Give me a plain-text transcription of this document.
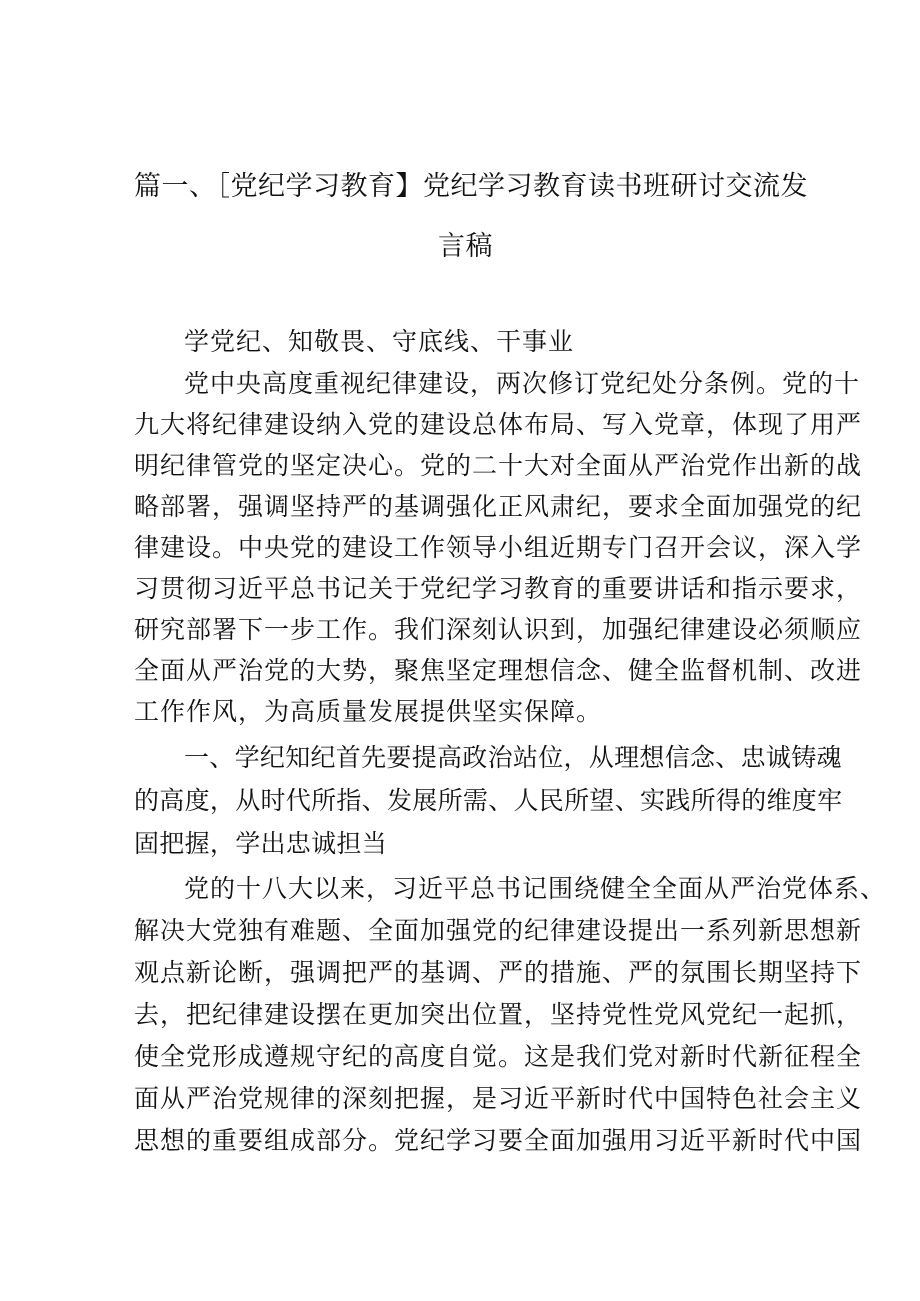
篇一、［党纪学习教育】党纪学习教育读书班研讨交流发
言稿
学党纪、知敬畏、守底线、干事业
党中央高度重视纪律建设，两次修订党纪处分条例。党的十
九大将纪律建设纳入党的建设总体布局、写入党章，体现了用严
明纪律管党的坚定决心。党的二十大对全面从严治党作出新的战
略部署，强调坚持严的基调强化正风肃纪，要求全面加强党的纪
律建设。中央党的建设工作领导小组近期专门召开会议，深入学
习贯彻习近平总书记关于党纪学习教育的重要讲话和指示要求，
研究部署下一步工作。我们深刻认识到，加强纪律建设必须顺应
全面从严治党的大势，聚焦坚定理想信念、健全监督机制、改进
工作作风，为高质量发展提供坚实保障。
一、学纪知纪首先要提高政治站位，从理想信念、忠诚铸魂
的高度，从时代所指、发展所需、人民所望、实践所得的维度牢
固把握，学出忠诚担当
党的十八大以来，习近平总书记围绕健全全面从严治党体系、
解决大党独有难题、全面加强党的纪律建设提出一系列新思想新
观点新论断，强调把严的基调、严的措施、严的氛围长期坚持下
去，把纪律建设摆在更加突出位置，坚持党性党风党纪一起抓，
使全党形成遵规守纪的高度自觉。这是我们党对新时代新征程全
面从严治党规律的深刻把握，是习近平新时代中国特色社会主义
思想的重要组成部分。党纪学习要全面加强用习近平新时代中国
